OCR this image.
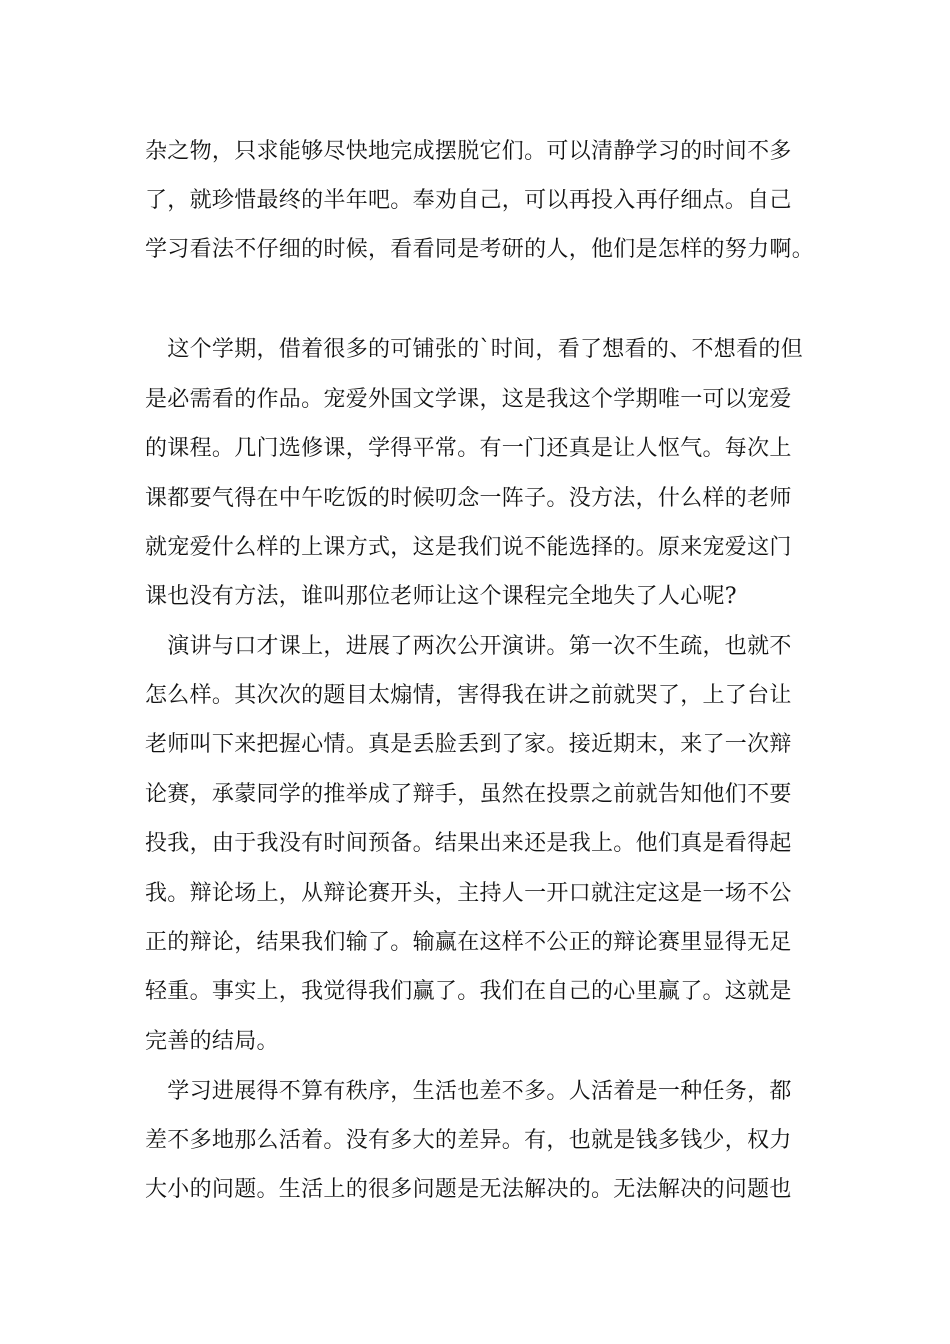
杂之物，只求能够尽快地完成摆脱它们。可以清静学习的时间不多
了，就珍惜最终的半年吧。奉劝自己，可以再投入再仔细点。自己
学习看法不仔细的时候，看看同是考研的人，他们是怎样的努力啊。
　这个学期，借着很多的可铺张的`时间，看了想看的、不想看的但
是必需看的作品。宠爱外国文学课，这是我这个学期唯一可以宠爱
的课程。几门选修课，学得平常。有一门还真是让人怄气。每次上
课都要气得在中午吃饭的时候叨念一阵子。没方法，什么样的老师
就宠爱什么样的上课方式，这是我们说不能选择的。原来宠爱这门
课也没有方法，谁叫那位老师让这个课程完全地失了人心呢?
　演讲与口才课上，进展了两次公开演讲。第一次不生疏，也就不
怎么样。其次次的题目太煽情，害得我在讲之前就哭了，上了台让
老师叫下来把握心情。真是丢脸丢到了家。接近期末，来了一次辩
论赛，承蒙同学的推举成了辩手，虽然在投票之前就告知他们不要
投我，由于我没有时间预备。结果出来还是我上。他们真是看得起
我。辩论场上，从辩论赛开头，主持人一开口就注定这是一场不公
正的辩论，结果我们输了。输赢在这样不公正的辩论赛里显得无足
轻重。事实上，我觉得我们赢了。我们在自己的心里赢了。这就是
完善的结局。
　学习进展得不算有秩序，生活也差不多。人活着是一种任务，都
差不多地那么活着。没有多大的差异。有，也就是钱多钱少，权力
大小的问题。生活上的很多问题是无法解决的。无法解决的问题也
